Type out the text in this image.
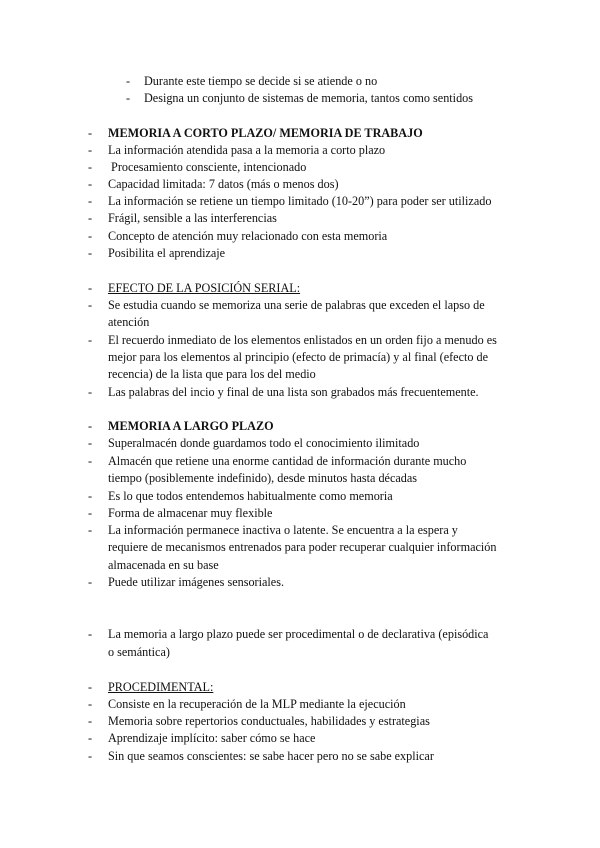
- Durante este tiempo se decide si se atiende o no
- Designa un conjunto de sistemas de memoria, tantos como sentidos
- MEMORIA A CORTO PLAZO/ MEMORIA DE TRABAJO
- La información atendida pasa a la memoria a corto plazo
- Procesamiento consciente, intencionado
- Capacidad limitada: 7 datos (más o menos dos)
- La información se retiene un tiempo limitado (10-20”) para poder ser utilizado
- Frágil, sensible a las interferencias
- Concepto de atención muy relacionado con esta memoria
- Posibilita el aprendizaje
- EFECTO DE LA POSICIÓN SERIAL:
- Se estudia cuando se memoriza una serie de palabras que exceden el lapso de
atención
- El recuerdo inmediato de los elementos enlistados en un orden fijo a menudo es
mejor para los elementos al principio (efecto de primacía) y al final (efecto de
recencia) de la lista que para los del medio
- Las palabras del incio y final de una lista son grabados más frecuentemente.
- MEMORIA A LARGO PLAZO
- Superalmacén donde guardamos todo el conocimiento ilimitado
- Almacén que retiene una enorme cantidad de información durante mucho
tiempo (posiblemente indefinido), desde minutos hasta décadas
- Es lo que todos entendemos habitualmente como memoria
- Forma de almacenar muy flexible
- La información permanece inactiva o latente. Se encuentra a la espera y
requiere de mecanismos entrenados para poder recuperar cualquier información
almacenada en su base
- Puede utilizar imágenes sensoriales.
- La memoria a largo plazo puede ser procedimental o de declarativa (episódica
o semántica)
- PROCEDIMENTAL:
- Consiste en la recuperación de la MLP mediante la ejecución
- Memoria sobre repertorios conductuales, habilidades y estrategias
- Aprendizaje implícito: saber cómo se hace
- Sin que seamos conscientes: se sabe hacer pero no se sabe explicar
